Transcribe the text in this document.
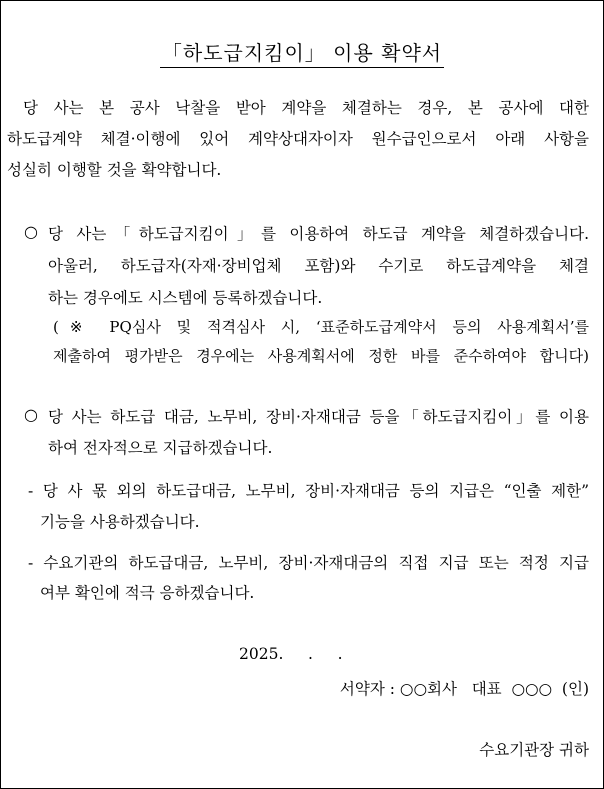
「하도급지킴이」 이용 확약서
당 사는 본 공사 낙찰을 받아 계약을 체결하는 경우, 본 공사에 대한
하도급계약 체결·이행에 있어 계약상대자이자 원수급인으로서 아래 사항을
성실히 이행할 것을 확약합니다.
○ 당 사는「하도급지킴이」를 이용하여 하도급 계약을 체결하겠습니다.
아울러, 하도급자(자재·장비업체 포함)와 수기로 하도급계약을 체결
하는 경우에도 시스템에 등록하겠습니다.
(※ PQ심사 및 적격심사 시, ‘표준하도급계약서 등의 사용계획서’를
제출하여 평가받은 경우에는 사용계획서에 정한 바를 준수하여야 합니다)
○ 당 사는 하도급 대금, 노무비, 장비·자재대금 등을「하도급지킴이」를 이용
하여 전자적으로 지급하겠습니다.
- 당 사 몫 외의 하도급대금, 노무비, 장비·자재대금 등의 지급은 “인출 제한”
기능을 사용하겠습니다.
- 수요기관의 하도급대금, 노무비, 장비·자재대금의 직접 지급 또는 적정 지급
여부 확인에 적극 응하겠습니다.
2025.     .     .
서약자 : ○○회사   대표  ○○○  (인)
수요기관장 귀하
